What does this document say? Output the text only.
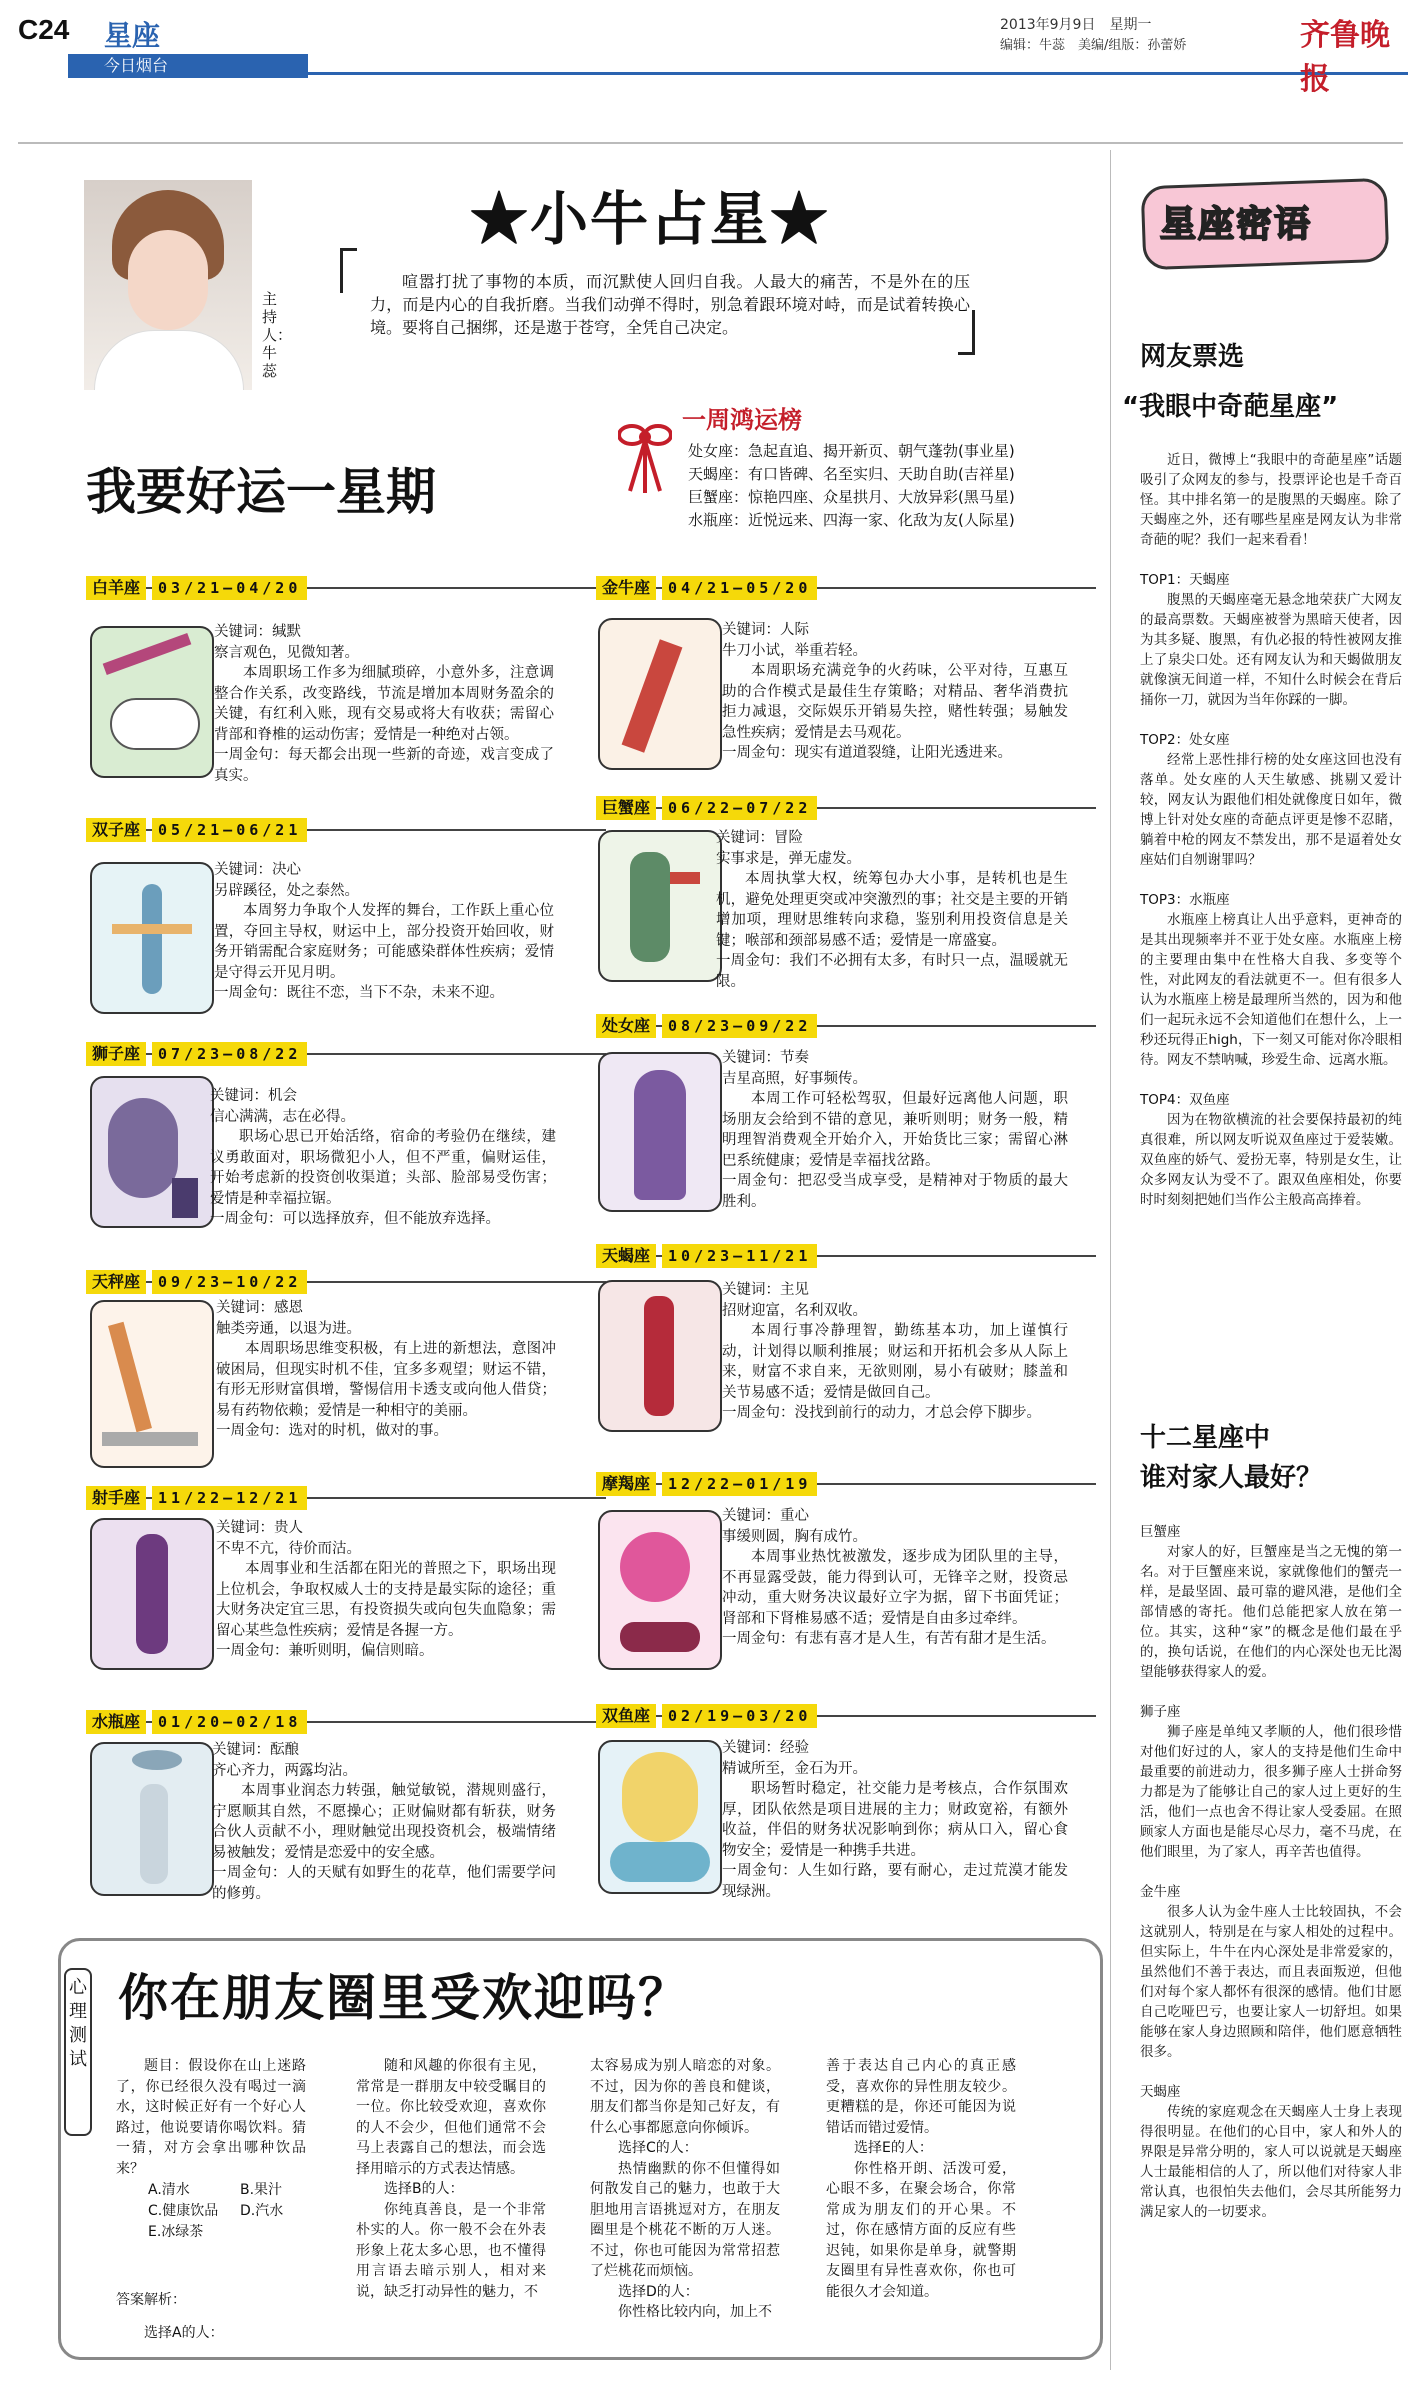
C24 星座
今日烟台
2013年9月9日　星期一
编辑：牛蕊　美编/组版：孙蕾娇	齐鲁晚报
主持人：牛蕊
★小牛占星★
喧嚣打扰了事物的本质，而沉默使人回归自我。人最大的痛苦，不是外在的压力，而是内心的自我折磨。当我们动弹不得时，别急着跟环境对峙，而是试着转换心境。要将自己捆绑，还是遨于苍穹，全凭自己决定。
一周鸿运榜
处女座：急起直追、揭开新页、朝气蓬勃(事业星)
天蝎座：有口皆碑、名至实归、天助自助(吉祥星)
巨蟹座：惊艳四座、众星拱月、大放异彩(黑马星)
水瓶座：近悦远来、四海一家、化敌为友(人际星)
我要好运一星期
白羊座	03/21—04/20

关键词：缄默

察言观色，见微知著。

本周职场工作多为细腻琐碎，小意外多，注意调整合作关系，改变路线，节流是增加本周财务盈余的关键，有红利入账，现有交易或将大有收获；需留心背部和脊椎的运动伤害；爱情是一种绝对占领。

一周金句：每天都会出现一些新的奇迹，戏言变成了真实。

双子座	05/21—06/21

关键词：决心

另辟蹊径，处之泰然。

本周努力争取个人发挥的舞台，工作跃上重心位置，夺回主导权，财运中上，部分投资开始回收，财务开销需配合家庭财务；可能感染群体性疾病；爱情是守得云开见月明。

一周金句：既往不恋，当下不杂，未来不迎。

狮子座	07/23—08/22

关键词：机会

信心满满，志在必得。

职场心思已开始活络，宿命的考验仍在继续，建议勇敢面对，职场微犯小人，但不严重，偏财运佳，开始考虑新的投资创收渠道；头部、脸部易受伤害；爱情是种幸福拉锯。

一周金句：可以选择放弃，但不能放弃选择。

天秤座	09/23—10/22

关键词：感恩

触类旁通，以退为进。

本周职场思维变积极，有上进的新想法，意图冲破困局，但现实时机不佳，宜多多观望；财运不错，有形无形财富俱增，警惕信用卡透支或向他人借贷；易有药物依赖；爱情是一种相守的美丽。

一周金句：选对的时机，做对的事。

射手座	11/22—12/21

关键词：贵人

不卑不亢，待价而沽。

本周事业和生活都在阳光的普照之下，职场出现上位机会，争取权威人士的支持是最实际的途径；重大财务决定宜三思，有投资损失或向包失血隐象；需留心某些急性疾病；爱情是各握一方。

一周金句：兼听则明，偏信则暗。

水瓶座	01/20—02/18

关键词：酝酿

齐心齐力，两露均沾。

本周事业润态力转强，触觉敏锐，潜规则盛行，宁愿顺其自然，不愿操心；正财偏财都有斩获，财务合伙人贡献不小，理财触觉出现投资机会，极端情绪易被触发；爱情是恋爱中的安全感。

一周金句：人的天赋有如野生的花草，他们需要学问的修剪。

金牛座	04/21—05/20

关键词：人际

牛刀小试，举重若轻。

本周职场充满竞争的火药味，公平对待，互惠互助的合作模式是最佳生存策略；对精品、奢华消费抗拒力减退，交际娱乐开销易失控，赌性转强；易触发急性疾病；爱情是去马观花。

一周金句：现实有道道裂缝，让阳光透进来。

巨蟹座	06/22—07/22

关键词：冒险

实事求是，弹无虚发。

本周执掌大权，统筹包办大小事，是转机也是生机，避免处理更突或冲突激烈的事；社交是主要的开销增加项，理财思维转向求稳，鉴别利用投资信息是关键；喉部和颈部易感不适；爱情是一席盛宴。

一周金句：我们不必拥有太多，有时只一点，温暖就无限。

处女座	08/23—09/22

关键词：节奏

吉星高照，好事频传。

本周工作可轻松驾驭，但最好远离他人问题，职场朋友会给到不错的意见，兼听则明；财务一般，精明理智消费观全开始介入，开始货比三家；需留心淋巴系统健康；爱情是幸福找岔路。

一周金句：把忍受当成享受，是精神对于物质的最大胜利。

天蝎座	10/23—11/21

关键词：主见

招财迎富，名利双收。

本周行事冷静理智，勤练基本功，加上谨慎行动，计划得以顺利推展；财运和开拓机会多从人际上来，财富不求自来，无欲则刚，易小有破财；膝盖和关节易感不适；爱情是做回自己。

一周金句：没找到前行的动力，才总会停下脚步。

摩羯座	12/22—01/19

关键词：重心

事缓则圆，胸有成竹。

本周事业热忱被激发，逐步成为团队里的主导，不再显露受鼓，能力得到认可，无锋辛之财，投资忌冲动，重大财务决议最好立字为据，留下书面凭证；肾部和下肾椎易感不适；爱情是自由多过牵绊。

一周金句：有悲有喜才是人生，有苦有甜才是生活。

双鱼座	02/19—03/20

关键词：经验

精诚所至，金石为开。

职场暂时稳定，社交能力是考核点，合作氛围欢厚，团队依然是项目进展的主力；财政宽裕，有额外收益，伴侣的财务状况影响到你；病从口入，留心食物安全；爱情是一种携手共进。

一周金句：人生如行路，要有耐心，走过荒漠才能发现绿洲。

星座密语
网友票选
“我眼中奇葩星座”

近日，微博上“我眼中的奇葩星座”话题吸引了众网友的参与，投票评论也是千奇百怪。其中排名第一的是腹黑的天蝎座。除了天蝎座之外，还有哪些星座是网友认为非常奇葩的呢？我们一起来看看！

TOP1：天蝎座

腹黑的天蝎座毫无悬念地荣获广大网友的最高票数。天蝎座被誉为黑暗天使者，因为其多疑、腹黑，有仇必报的特性被网友推上了泉尖口处。还有网友认为和天蝎做朋友就像演无间道一样，不知什么时候会在背后捅你一刀，就因为当年你踩的一脚。

TOP2：处女座

经常上恶性排行榜的处女座这回也没有落单。处女座的人天生敏感、挑剔又爱计较，网友认为跟他们相处就像度日如年，微博上针对处女座的奇葩点评更是惨不忍睹，躺着中枪的网友不禁发出，那不是逼着处女座姑们自刎谢罪吗？

TOP3：水瓶座

水瓶座上榜真让人出乎意料，更神奇的是其出现频率并不亚于处女座。水瓶座上榜的主要理由集中在性格大自我、多变等个性，对此网友的看法就更不一。但有很多人认为水瓶座上榜是最理所当然的，因为和他们一起玩永远不会知道他们在想什么，上一秒还玩得正high，下一刻又可能对你冷眼相待。网友不禁呐喊，珍爱生命、远离水瓶。

TOP4：双鱼座

因为在物欲横流的社会要保持最初的纯真很难，所以网友听说双鱼座过于爱装嫩。双鱼座的娇气、爱扮无辜，特别是女生，让众多网友认为受不了。跟双鱼座相处，你要时时刻刻把她们当作公主般高高捧着。

十二星座中
谁对家人最好？

巨蟹座

对家人的好，巨蟹座是当之无愧的第一名。对于巨蟹座来说，家就像他们的蟹壳一样，是最坚固、最可靠的避风港，是他们全部情感的寄托。他们总能把家人放在第一位。其实，这种“家”的概念是他们最在乎的，换句话说，在他们的内心深处也无比渴望能够获得家人的爱。

狮子座

狮子座是单纯又孝顺的人，他们很珍惜对他们好过的人，家人的支持是他们生命中最重要的前进动力，很多狮子座人士拼命努力都是为了能够让自己的家人过上更好的生活，他们一点也舍不得让家人受委屈。在照顾家人方面也是能尽心尽力，毫不马虎，在他们眼里，为了家人，再辛苦也值得。

金牛座

很多人认为金牛座人士比较固执，不会这就别人，特别是在与家人相处的过程中。但实际上，牛牛在内心深处是非常爱家的，虽然他们不善于表达，而且表面叛逆，但他们对每个家人都怀有很深的感情。他们甘愿自己吃哑巴亏，也要让家人一切舒坦。如果能够在家人身边照顾和陪伴，他们愿意牺牲很多。

天蝎座

传统的家庭观念在天蝎座人士身上表现得很明显。在他们的心目中，家人和外人的界限是异常分明的，家人可以说就是天蝎座人士最能相信的人了，所以他们对待家人非常认真，也很怕失去他们，会尽其所能努力满足家人的一切要求。

心理测试
你在朋友圈里受欢迎吗？

题目：假设你在山上迷路了，你已经很久没有喝过一滴水，这时候正好有一个好心人路过，他说要请你喝饮料。猜一猜，对方会拿出哪种饮品来？

A.清水	B.果汁
C.健康饮品	D.汽水
E.冰绿茶

答案解析：

选择A的人：

随和风趣的你很有主见，常常是一群朋友中较受瞩目的一位。你比较受欢迎，喜欢你的人不会少，但他们通常不会马上表露自己的想法，而会选择用暗示的方式表达情感。

选择B的人：

你纯真善良，是一个非常朴实的人。你一般不会在外表形象上花太多心思，也不懂得用言语去暗示别人，相对来说，缺乏打动异性的魅力，不

太容易成为别人暗恋的对象。不过，因为你的善良和健谈，朋友们都当你是知己好友，有什么心事都愿意向你倾诉。

选择C的人：

热情幽默的你不但懂得如何散发自己的魅力，也敢于大胆地用言语挑逗对方，在朋友圈里是个桃花不断的万人迷。不过，你也可能因为常常招惹了烂桃花而烦恼。

选择D的人：

你性格比较内向，加上不

善于表达自己内心的真正感受，喜欢你的异性朋友较少。更糟糕的是，你还可能因为说错话而错过爱情。

选择E的人：

你性格开朗、活泼可爱，心眼不多，在聚会场合，你常常成为朋友们的开心果。不过，你在感情方面的反应有些迟钝，如果你是单身，就警期友圈里有异性喜欢你，你也可能很久才会知道。
